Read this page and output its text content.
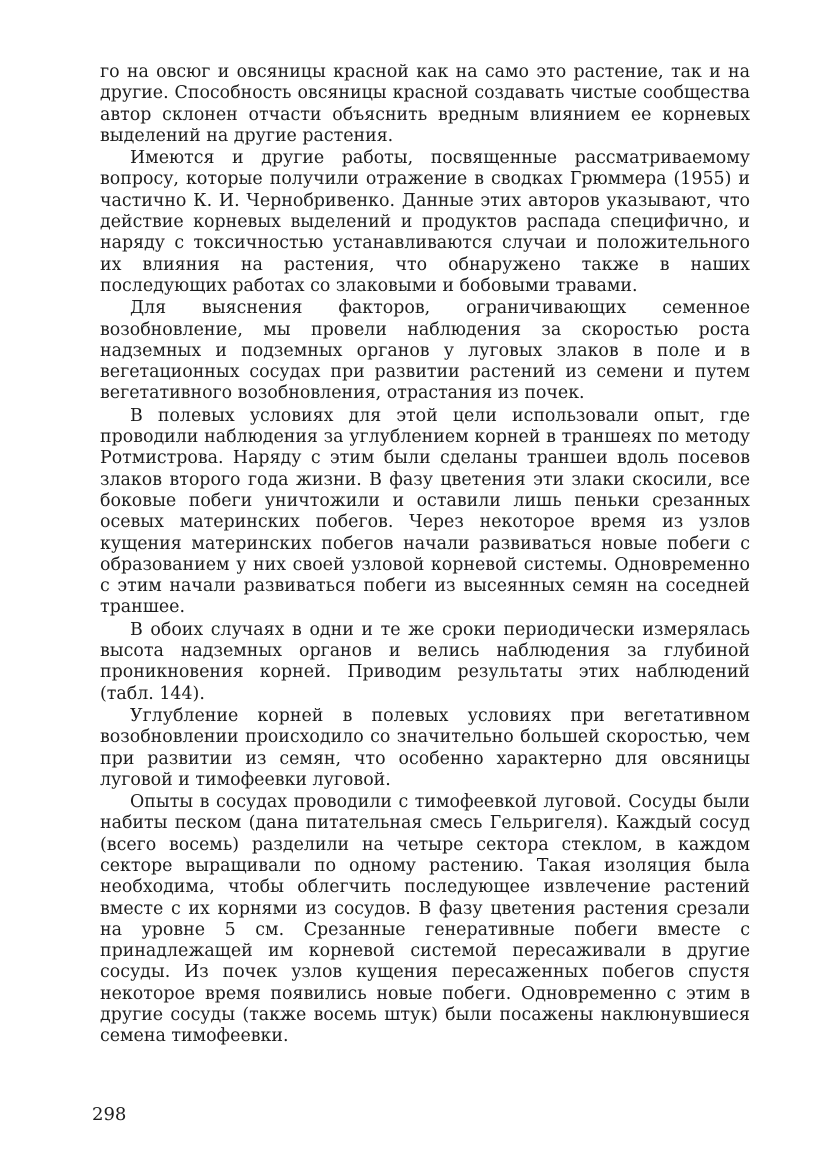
го на овсюг и овсяницы красной как на само это растение, так и на другие. Способность овсяницы красной создавать чистые сообщества автор склонен отчасти объяснить вредным влиянием ее корневых выделений на другие растения.

Имеются и другие работы, посвященные рассматриваемому вопросу, которые получили отражение в сводках Грюммера (1955) и частично К. И. Чернобривенко. Данные этих авторов указывают, что действие корневых выделений и продуктов распада специфично, и наряду с токсичностью устанавливаются случаи и положительного их влияния на растения, что обнаружено также в наших последующих работах со злаковыми и бобовыми травами.

Для выяснения факторов, ограничивающих семенное возобновление, мы провели наблюдения за скоростью роста надземных и подземных органов у луговых злаков в поле и в вегетационных сосудах при развитии растений из семени и путем вегетативного возобновления, отрастания из почек.

В полевых условиях для этой цели использовали опыт, где проводили наблюдения за углублением корней в траншеях по методу Ротмистрова. Наряду с этим были сделаны траншеи вдоль посевов злаков второго года жизни. В фазу цветения эти злаки скосили, все боковые побеги уничтожили и оставили лишь пеньки срезанных осевых материнских побегов. Через некоторое время из узлов кущения материнских побегов начали развиваться новые побеги с образованием у них своей узловой корневой системы. Одновременно с этим начали развиваться побеги из высеянных семян на соседней траншее.

В обоих случаях в одни и те же сроки периодически измерялась высота надземных органов и велись наблюдения за глубиной проникновения корней. Приводим результаты этих наблюдений (табл. 144).

Углубление корней в полевых условиях при вегетативном возобновлении происходило со значительно большей скоростью, чем при развитии из семян, что особенно характерно для овсяницы луговой и тимофеевки луговой.

Опыты в сосудах проводили с тимофеевкой луговой. Сосуды были набиты песком (дана питательная смесь Гельригеля). Каждый сосуд (всего восемь) разделили на четыре сектора стеклом, в каждом секторе выращивали по одному растению. Такая изоляция была необходима, чтобы облегчить последующее извлечение растений вместе с их корнями из сосудов. В фазу цветения растения срезали на уровне 5 см. Срезанные генеративные побеги вместе с принадлежащей им корневой системой пересаживали в другие сосуды. Из почек узлов кущения пересаженных побегов спустя некоторое время появились новые побеги. Одновременно с этим в другие сосуды (также восемь штук) были посажены наклюнувшиеся семена тимофеевки.

298
